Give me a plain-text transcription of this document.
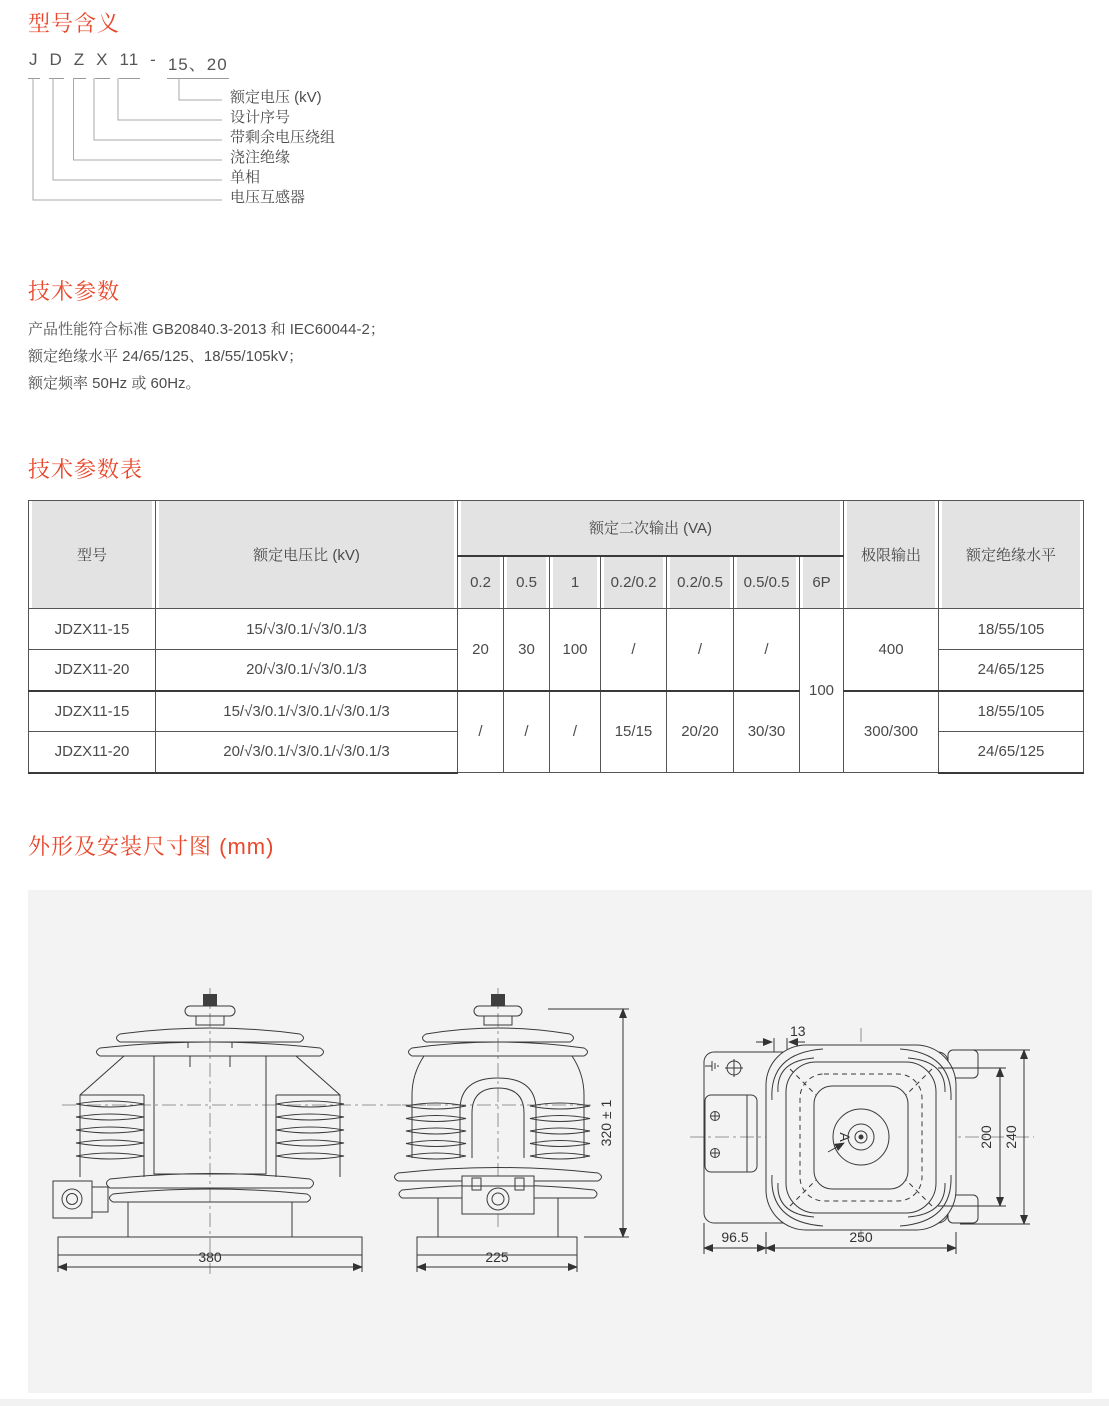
型号含义
J D Z X 11 - 15、20
额定电压 (kV)
设计序号
带剩余电压绕组
浇注绝缘
单相
电压互感器
技术参数
产品性能符合标准 GB20840.3-2013 和 IEC60044-2；
额定绝缘水平 24/65/125、18/55/105kV；
额定频率 50Hz 或 60Hz。
技术参数表
型号	额定电压比 (kV)	额定二次输出 (VA)							极限输出	额定绝缘水平
		0.2	0.5	1	0.2/0.2	0.2/0.5	0.5/0.5	6P		
JDZX11-15	15/√3/0.1/√3/0.1/3	20	30	100	/	/	/	100	400	18/55/105
JDZX11-20	20/√3/0.1/√3/0.1/3									24/65/125
JDZX11-15	15/√3/0.1/√3/0.1/√3/0.1/3	/	/	/	15/15	20/20	30/30		300/300	18/55/105
JDZX11-20	20/√3/0.1/√3/0.1/√3/0.1/3									24/65/125
外形及安装尺寸图 (mm)
380	225
320 ± 1	A
13
200 240
96.5	250
